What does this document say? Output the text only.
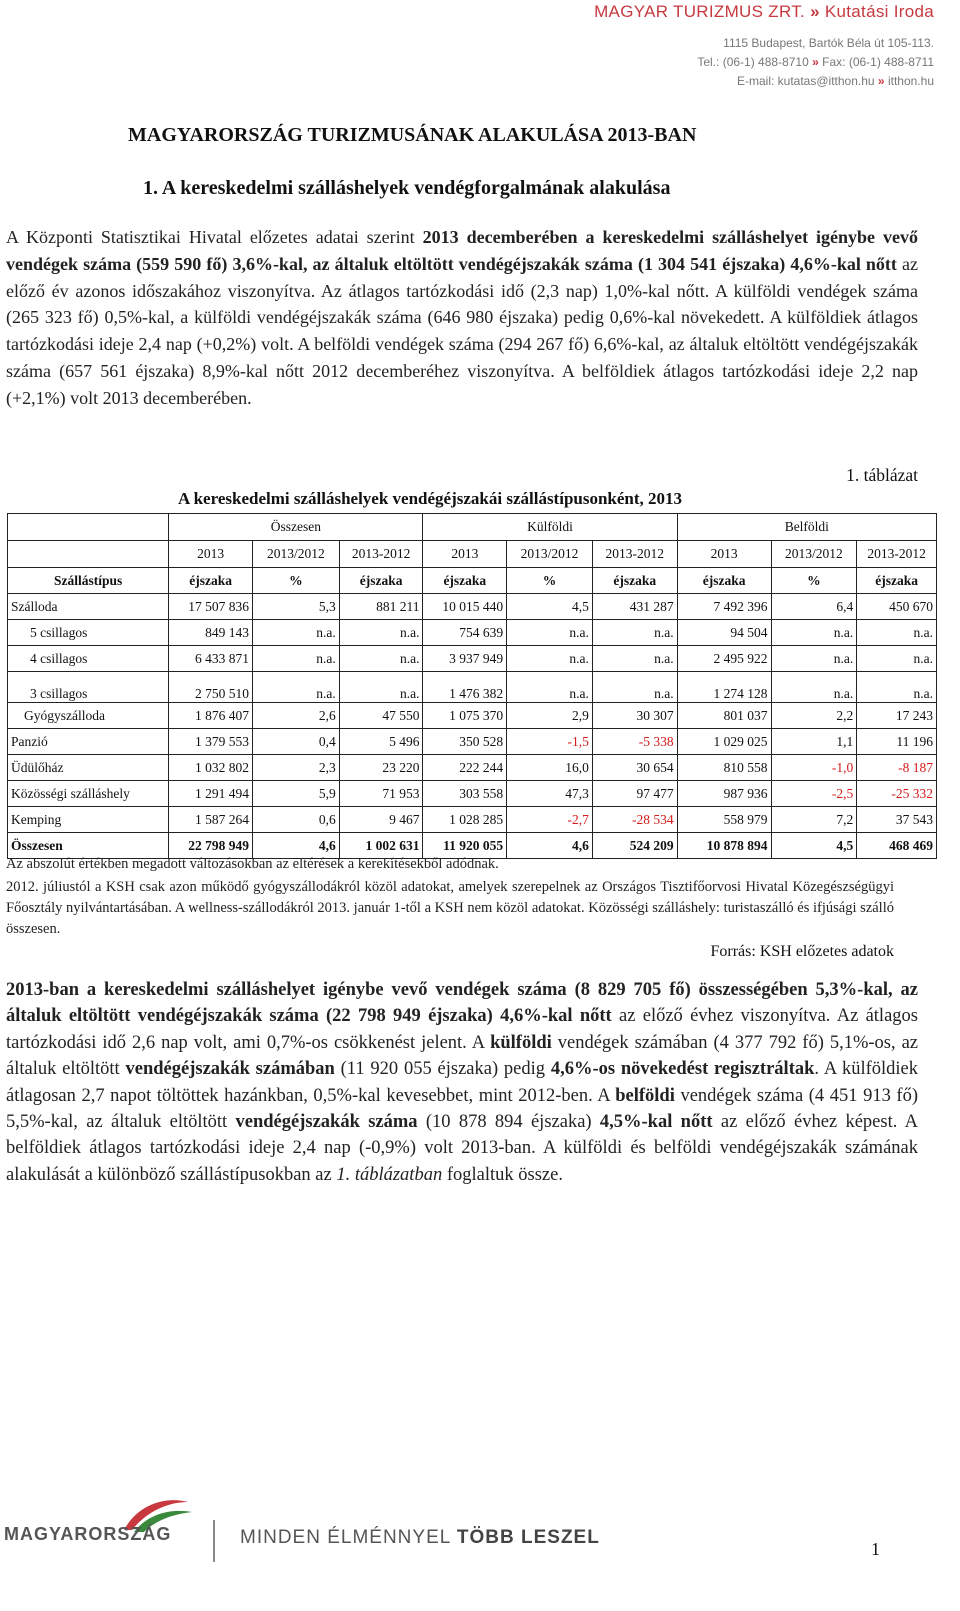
MAGYAR TURIZMUS ZRT. » Kutatási Iroda
1115 Budapest, Bartók Béla út 105-113.
Tel.: (06-1) 488-8710 » Fax: (06-1) 488-8711
E-mail: kutatas@itthon.hu » itthon.hu
MAGYARORSZÁG TURIZMUSÁNAK ALAKULÁSA 2013-BAN
1. A kereskedelmi szálláshelyek vendégforgalmának alakulása
A Központi Statisztikai Hivatal előzetes adatai szerint 2013 decemberében a kereskedelmi szálláshelyet igénybe vevő vendégek száma (559 590 fő) 3,6%-kal, az általuk eltöltött vendégéjszakák száma (1 304 541 éjszaka) 4,6%-kal nőtt az előző év azonos időszakához viszonyítva. Az átlagos tartózkodási idő (2,3 nap) 1,0%-kal nőtt. A külföldi vendégek száma (265 323 fő) 0,5%-kal, a külföldi vendégéjszakák száma (646 980 éjszaka) pedig 0,6%-kal növekedett. A külföldiek átlagos tartózkodási ideje 2,4 nap (+0,2%) volt. A belföldi vendégek száma (294 267 fő) 6,6%-kal, az általuk eltöltött vendégéjszakák száma (657 561 éjszaka) 8,9%-kal nőtt 2012 decemberéhez viszonyítva. A belföldiek átlagos tartózkodási ideje 2,2 nap (+2,1%) volt 2013 decemberében.
1. táblázat
A kereskedelmi szálláshelyek vendégéjszakái szállástípusonként, 2013
	Összesen			Külföldi			Belföldi		
	2013	2013/2012	2013-2012	2013	2013/2012	2013-2012	2013	2013/2012	2013-2012
Szállástípus	éjszaka	%	éjszaka	éjszaka	%	éjszaka	éjszaka	%	éjszaka
Szálloda	17 507 836	5,3	881 211	10 015 440	4,5	431 287	7 492 396	6,4	450 670
5 csillagos	849 143	n.a.	n.a.	754 639	n.a.	n.a.	94 504	n.a.	n.a.
4 csillagos	6 433 871	n.a.	n.a.	3 937 949	n.a.	n.a.	2 495 922	n.a.	n.a.
3 csillagos	2 750 510	n.a.	n.a.	1 476 382	n.a.	n.a.	1 274 128	n.a.	n.a.
Gyógyszálloda	1 876 407	2,6	47 550	1 075 370	2,9	30 307	801 037	2,2	17 243
Panzió	1 379 553	0,4	5 496	350 528	-1,5	-5 338	1 029 025	1,1	11 196
Üdülőház	1 032 802	2,3	23 220	222 244	16,0	30 654	810 558	-1,0	-8 187
Közösségi szálláshely	1 291 494	5,9	71 953	303 558	47,3	97 477	987 936	-2,5	-25 332
Kemping	1 587 264	0,6	9 467	1 028 285	-2,7	-28 534	558 979	7,2	37 543
Összesen	22 798 949	4,6	1 002 631	11 920 055	4,6	524 209	10 878 894	4,5	468 469
Az abszolút értékben megadott változásokban az eltérések a kerekítésekből adódnak.
2012. júliustól a KSH csak azon működő gyógyszállodákról közöl adatokat, amelyek szerepelnek az Országos Tisztifőorvosi Hivatal Közegészségügyi Főosztály nyilvántartásában. A wellness-szállodákról 2013. január 1-től a KSH nem közöl adatokat. Közösségi szálláshely: turistaszálló és ifjúsági szálló összesen.
Forrás: KSH előzetes adatok
2013-ban a kereskedelmi szálláshelyet igénybe vevő vendégek száma (8 829 705 fő) összességében 5,3%-kal, az általuk eltöltött vendégéjszakák száma (22 798 949 éjszaka) 4,6%-kal nőtt az előző évhez viszonyítva. Az átlagos tartózkodási idő 2,6 nap volt, ami 0,7%-os csökkenést jelent. A külföldi vendégek számában (4 377 792 fő) 5,1%-os, az általuk eltöltött vendégéjszakák számában (11 920 055 éjszaka) pedig 4,6%-os növekedést regisztráltak. A külföldiek átlagosan 2,7 napot töltöttek hazánkban, 0,5%-kal kevesebbet, mint 2012-ben. A belföldi vendégek száma (4 451 913 fő) 5,5%-kal, az általuk eltöltött vendégéjszakák száma (10 878 894 éjszaka) 4,5%-kal nőtt az előző évhez képest. A belföldiek átlagos tartózkodási ideje 2,4 nap (-0,9%) volt 2013-ban. A külföldi és belföldi vendégéjszakák számának alakulását a különböző szállástípusokban az 1. táblázatban foglaltuk össze.
MAGYARORSZÁG	MINDEN ÉLMÉNNYEL TÖBB LESZEL
1
